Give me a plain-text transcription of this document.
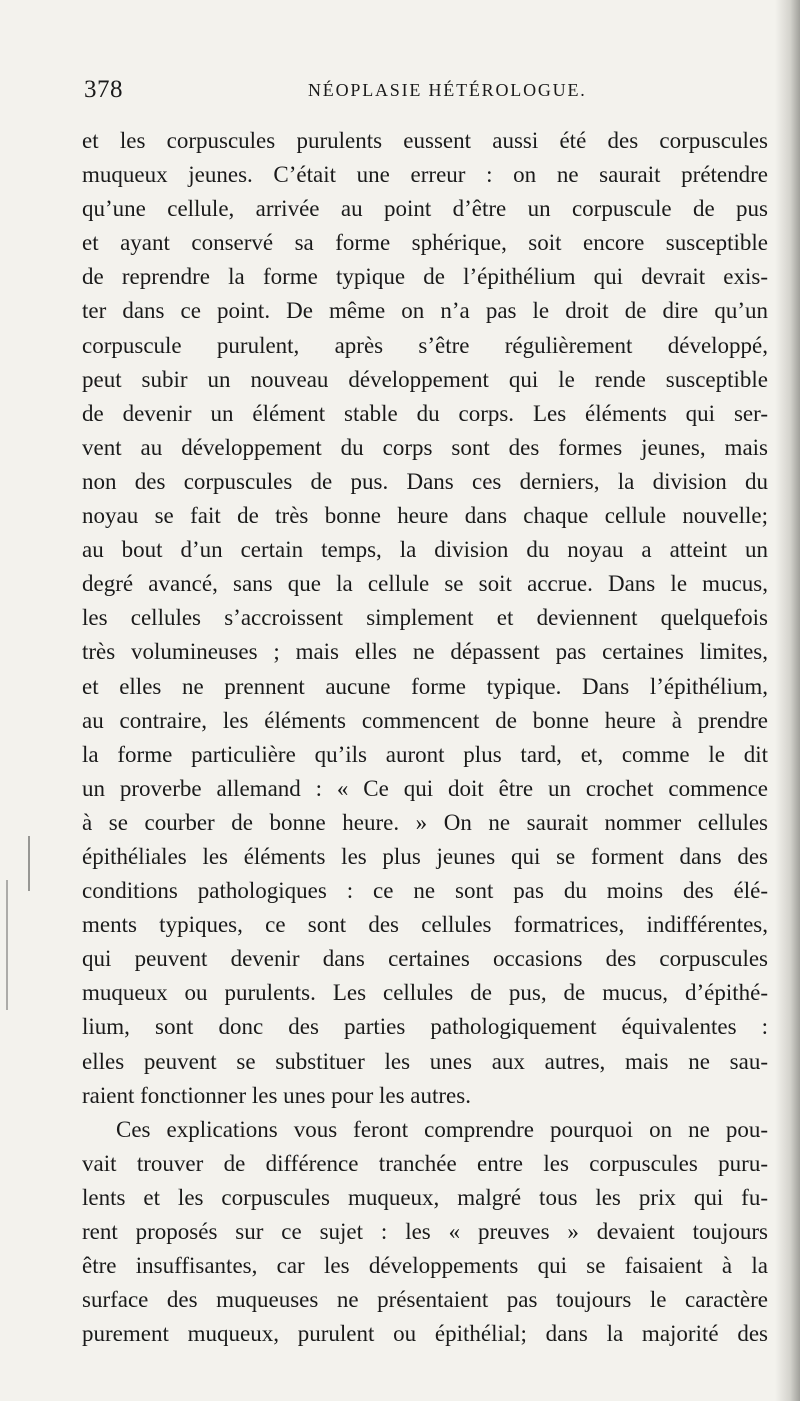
378	NÉOPLASIE HÉTÉROLOGUE.
et les corpuscules purulents eussent aussi été des corpuscules
muqueux jeunes. C’était une erreur : on ne saurait prétendre
qu’une cellule, arrivée au point d’être un corpuscule de pus
et ayant conservé sa forme sphérique, soit encore susceptible
de reprendre la forme typique de l’épithélium qui devrait exis-
ter dans ce point. De même on n’a pas le droit de dire qu’un
corpuscule purulent, après s’être régulièrement développé,
peut subir un nouveau développement qui le rende susceptible
de devenir un élément stable du corps. Les éléments qui ser-
vent au développement du corps sont des formes jeunes, mais
non des corpuscules de pus. Dans ces derniers, la division du
noyau se fait de très bonne heure dans chaque cellule nouvelle;
au bout d’un certain temps, la division du noyau a atteint un
degré avancé, sans que la cellule se soit accrue. Dans le mucus,
les cellules s’accroissent simplement et deviennent quelquefois
très volumineuses ; mais elles ne dépassent pas certaines limites,
et elles ne prennent aucune forme typique. Dans l’épithélium,
au contraire, les éléments commencent de bonne heure à prendre
la forme particulière qu’ils auront plus tard, et, comme le dit
un proverbe allemand : « Ce qui doit être un crochet commence
à se courber de bonne heure. » On ne saurait nommer cellules
épithéliales les éléments les plus jeunes qui se forment dans des
conditions pathologiques : ce ne sont pas du moins des élé-
ments typiques, ce sont des cellules formatrices, indifférentes,
qui peuvent devenir dans certaines occasions des corpuscules
muqueux ou purulents. Les cellules de pus, de mucus, d’épithé-
lium, sont donc des parties pathologiquement équivalentes :
elles peuvent se substituer les unes aux autres, mais ne sau-
raient fonctionner les unes pour les autres.
Ces explications vous feront comprendre pourquoi on ne pou-
vait trouver de différence tranchée entre les corpuscules puru-
lents et les corpuscules muqueux, malgré tous les prix qui fu-
rent proposés sur ce sujet : les « preuves » devaient toujours
être insuffisantes, car les développements qui se faisaient à la
surface des muqueuses ne présentaient pas toujours le caractère
purement muqueux, purulent ou épithélial; dans la majorité des
